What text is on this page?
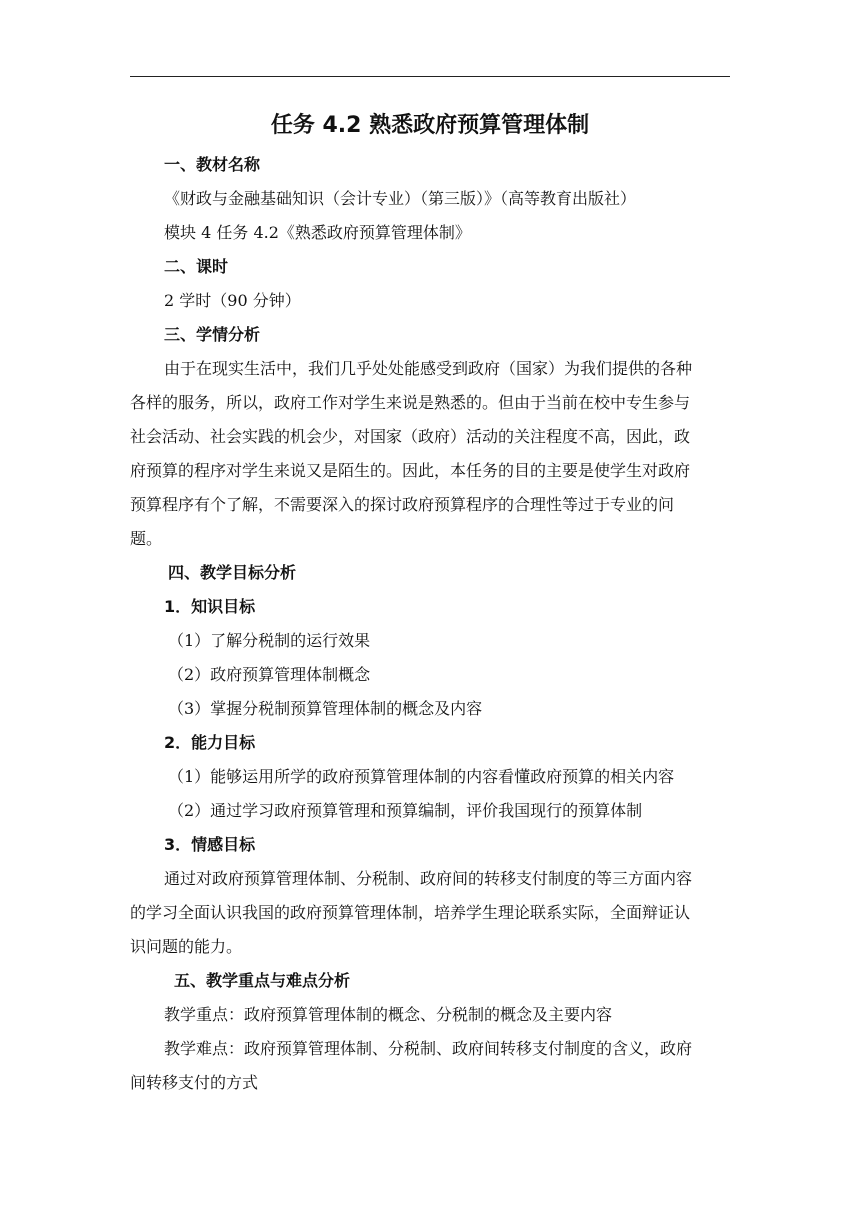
任务 4.2 熟悉政府预算管理体制

一、教材名称

《财政与金融基础知识（会计专业）（第三版）》（高等教育出版社）

模块 4 任务 4.2《熟悉政府预算管理体制》

二、课时

2 学时（90 分钟）

三、学情分析

由于在现实生活中，我们几乎处处能感受到政府（国家）为我们提供的各种
各样的服务，所以，政府工作对学生来说是熟悉的。但由于当前在校中专生参与
社会活动、社会实践的机会少，对国家（政府）活动的关注程度不高，因此，政
府预算的程序对学生来说又是陌生的。因此，本任务的目的主要是使学生对政府
预算程序有个了解，不需要深入的探讨政府预算程序的合理性等过于专业的问
题。

四、教学目标分析

1．知识目标

（1）了解分税制的运行效果

（2）政府预算管理体制概念

（3）掌握分税制预算管理体制的概念及内容

2．能力目标

（1）能够运用所学的政府预算管理体制的内容看懂政府预算的相关内容

（2）通过学习政府预算管理和预算编制，评价我国现行的预算体制

3．情感目标

通过对政府预算管理体制、分税制、政府间的转移支付制度的等三方面内容
的学习全面认识我国的政府预算管理体制，培养学生理论联系实际，全面辩证认
识问题的能力。

五、教学重点与难点分析

教学重点：政府预算管理体制的概念、分税制的概念及主要内容

教学难点：政府预算管理体制、分税制、政府间转移支付制度的含义，政府
间转移支付的方式
